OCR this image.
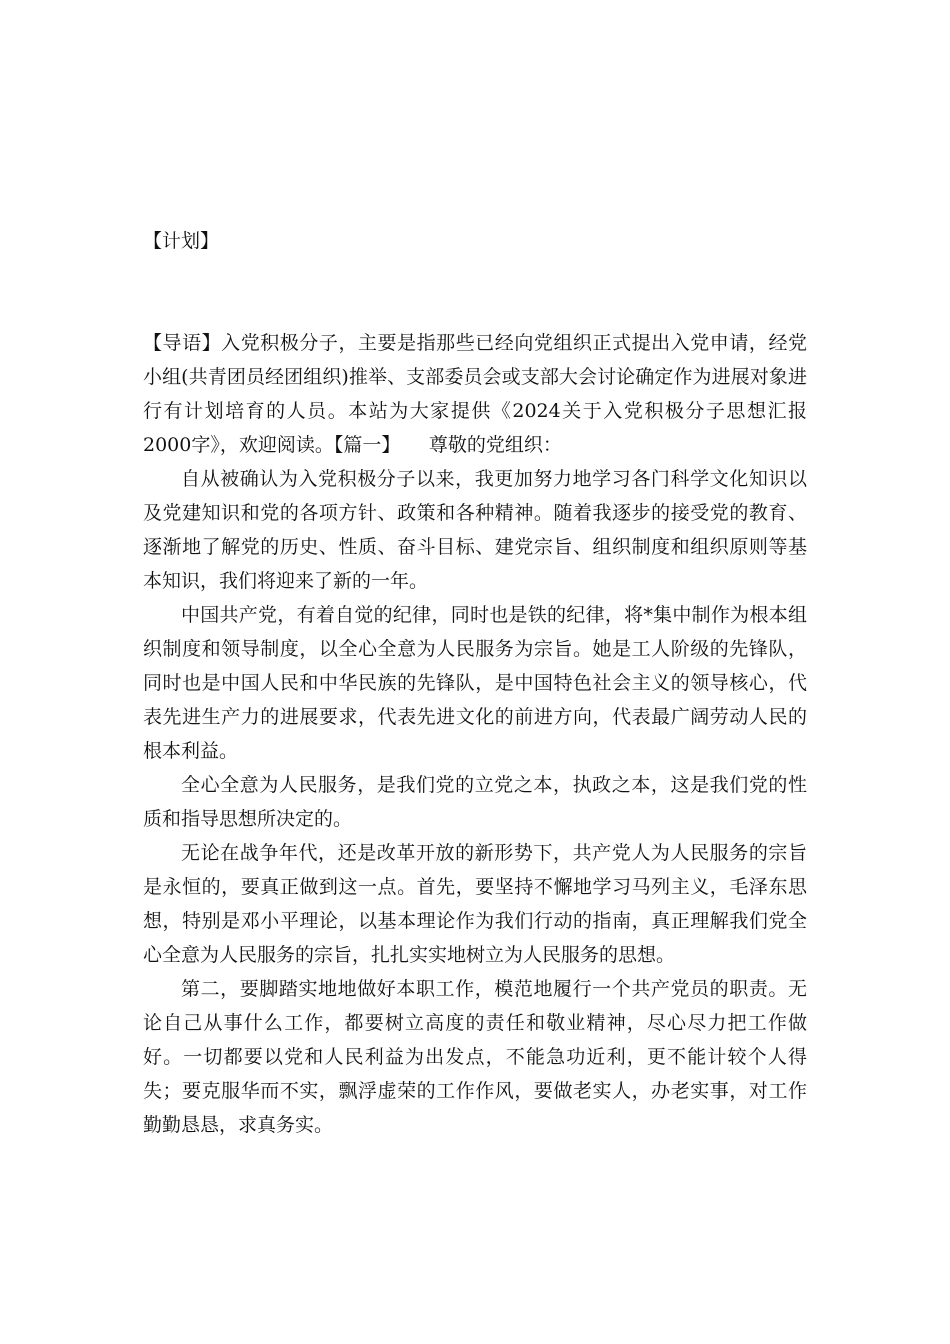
【计划】

【导语】入党积极分子，主要是指那些已经向党组织正式提出入党申请，经党小组(共青团员经团组织)推举、支部委员会或支部大会讨论确定作为进展对象进行有计划培育的人员。本站为大家提供《2024关于入党积极分子思想汇报2000字》，欢迎阅读。【篇一】　　尊敬的党组织：

自从被确认为入党积极分子以来，我更加努力地学习各门科学文化知识以及党建知识和党的各项方针、政策和各种精神。随着我逐步的接受党的教育、逐渐地了解党的历史、性质、奋斗目标、建党宗旨、组织制度和组织原则等基本知识，我们将迎来了新的一年。

中国共产党，有着自觉的纪律，同时也是铁的纪律，将*集中制作为根本组织制度和领导制度，以全心全意为人民服务为宗旨。她是工人阶级的先锋队，同时也是中国人民和中华民族的先锋队，是中国特色社会主义的领导核心，代表先进生产力的进展要求，代表先进文化的前进方向，代表最广阔劳动人民的根本利益。

全心全意为人民服务，是我们党的立党之本，执政之本，这是我们党的性质和指导思想所决定的。

无论在战争年代，还是改革开放的新形势下，共产党人为人民服务的宗旨是永恒的，要真正做到这一点。首先，要坚持不懈地学习马列主义，毛泽东思想，特别是邓小平理论，以基本理论作为我们行动的指南，真正理解我们党全心全意为人民服务的宗旨，扎扎实实地树立为人民服务的思想。

第二，要脚踏实地地做好本职工作，模范地履行一个共产党员的职责。无论自己从事什么工作，都要树立高度的责任和敬业精神，尽心尽力把工作做好。一切都要以党和人民利益为出发点，不能急功近利，更不能计较个人得失；要克服华而不实，飘浮虚荣的工作作风，要做老实人，办老实事，对工作勤勤恳恳，求真务实。
